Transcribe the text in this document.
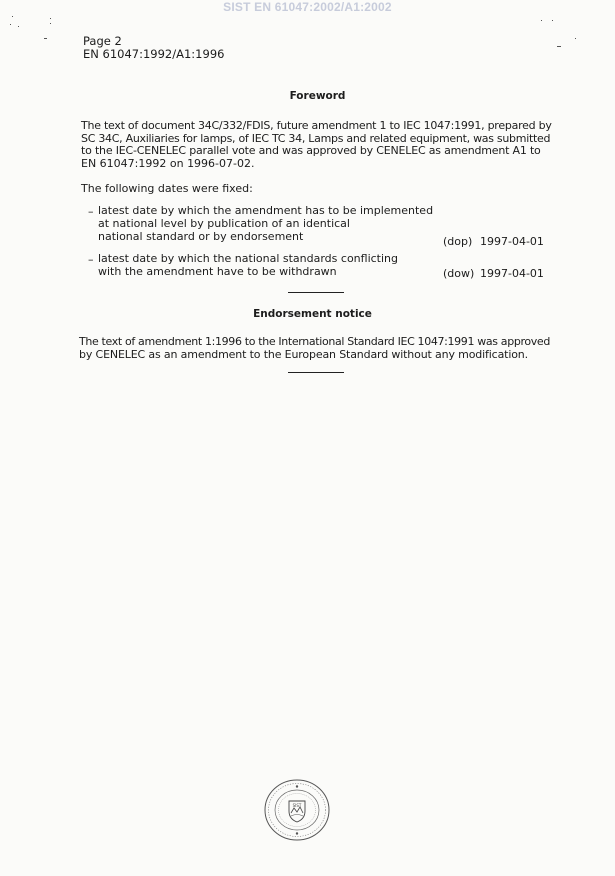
SIST EN 61047:2002/A1:2002
Page 2
EN 61047:1992/A1:1996
Foreword
The text of document 34C/332/FDIS, future amendment 1 to IEC 1047:1991, prepared by
SC 34C, Auxiliaries for lamps, of IEC TC 34, Lamps and related equipment, was submitted
to the IEC-CENELEC parallel vote and was approved by CENELEC as amendment A1 to
EN 61047:1992 on 1996-07-02.
The following dates were fixed:
– latest date by which the amendment has to be implemented
at national level by publication of an identical
national standard or by endorsement	(dop) 1997-04-01
– latest date by which the national standards conflicting
with the amendment have to be withdrawn	(dow) 1997-04-01
Endorsement notice
The text of amendment 1:1996 to the International Standard IEC 1047:1991 was approved
by CENELEC as an amendment to the European Standard without any modification.
SIST
